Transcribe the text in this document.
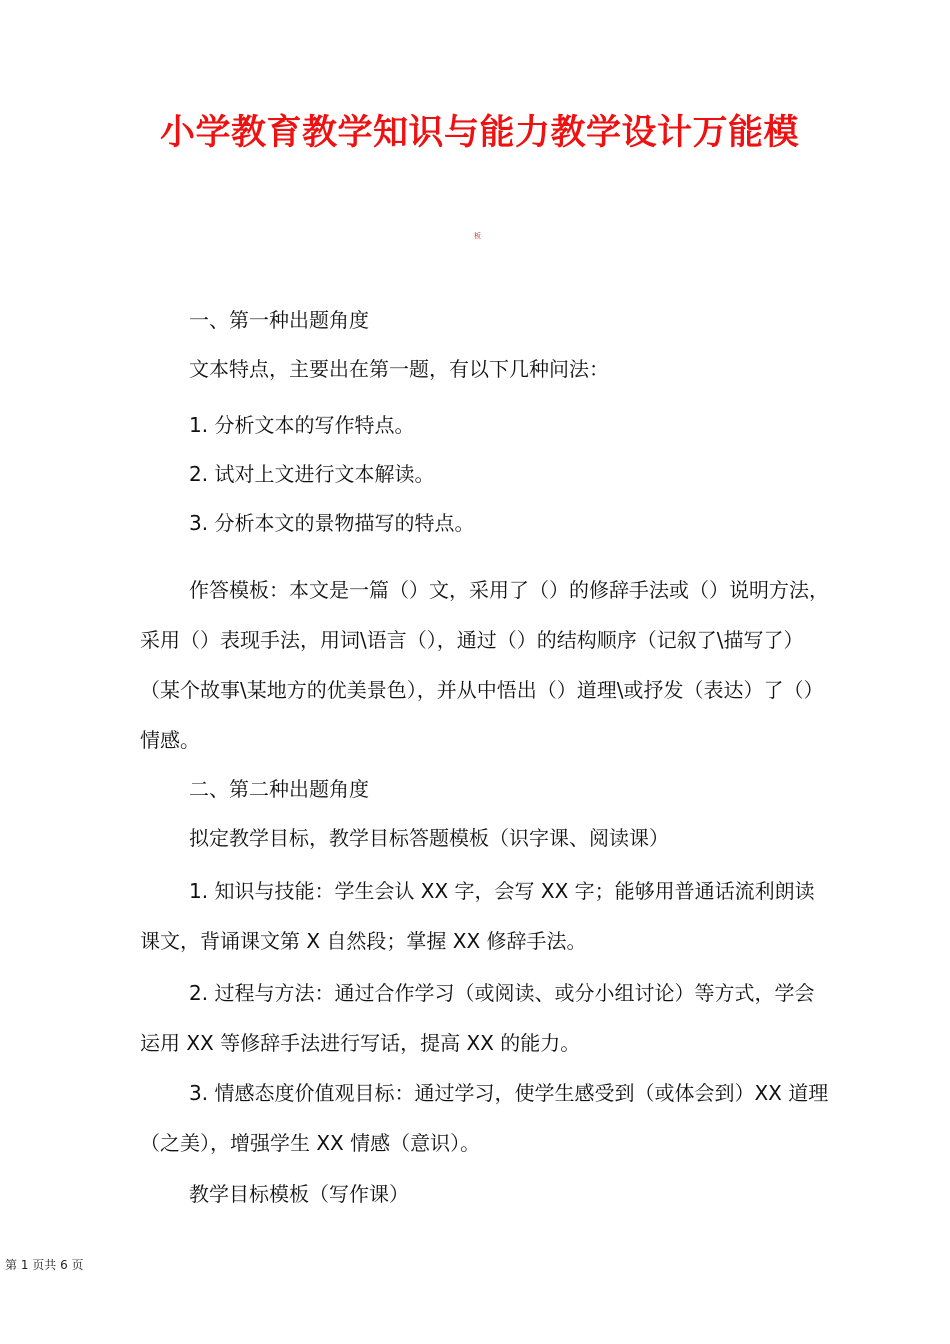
小学教育教学知识与能力教学设计万能模
板
一、第一种出题角度
文本特点，主要出在第一题，有以下几种问法：
1. 分析文本的写作特点。
2. 试对上文进行文本解读。
3. 分析本文的景物描写的特点。
作答模板：本文是一篇（）文，采用了（）的修辞手法或（）说明方法，采用（）表现手法，用词\语言（），通过（）的结构顺序（记叙了\描写了）（某个故事\某地方的优美景色），并从中悟出（）道理\或抒发（表达）了（）情感。
二、第二种出题角度
拟定教学目标，教学目标答题模板（识字课、阅读课）
1. 知识与技能：学生会认 XX 字，会写 XX 字；能够用普通话流利朗读课文，背诵课文第 X 自然段；掌握 XX 修辞手法。
2. 过程与方法：通过合作学习（或阅读、或分小组讨论）等方式，学会运用 XX 等修辞手法进行写话，提高 XX 的能力。
3. 情感态度价值观目标：通过学习，使学生感受到（或体会到）XX 道理（之美），增强学生 XX 情感（意识）。
教学目标模板（写作课）
第 1 页共 6 页
